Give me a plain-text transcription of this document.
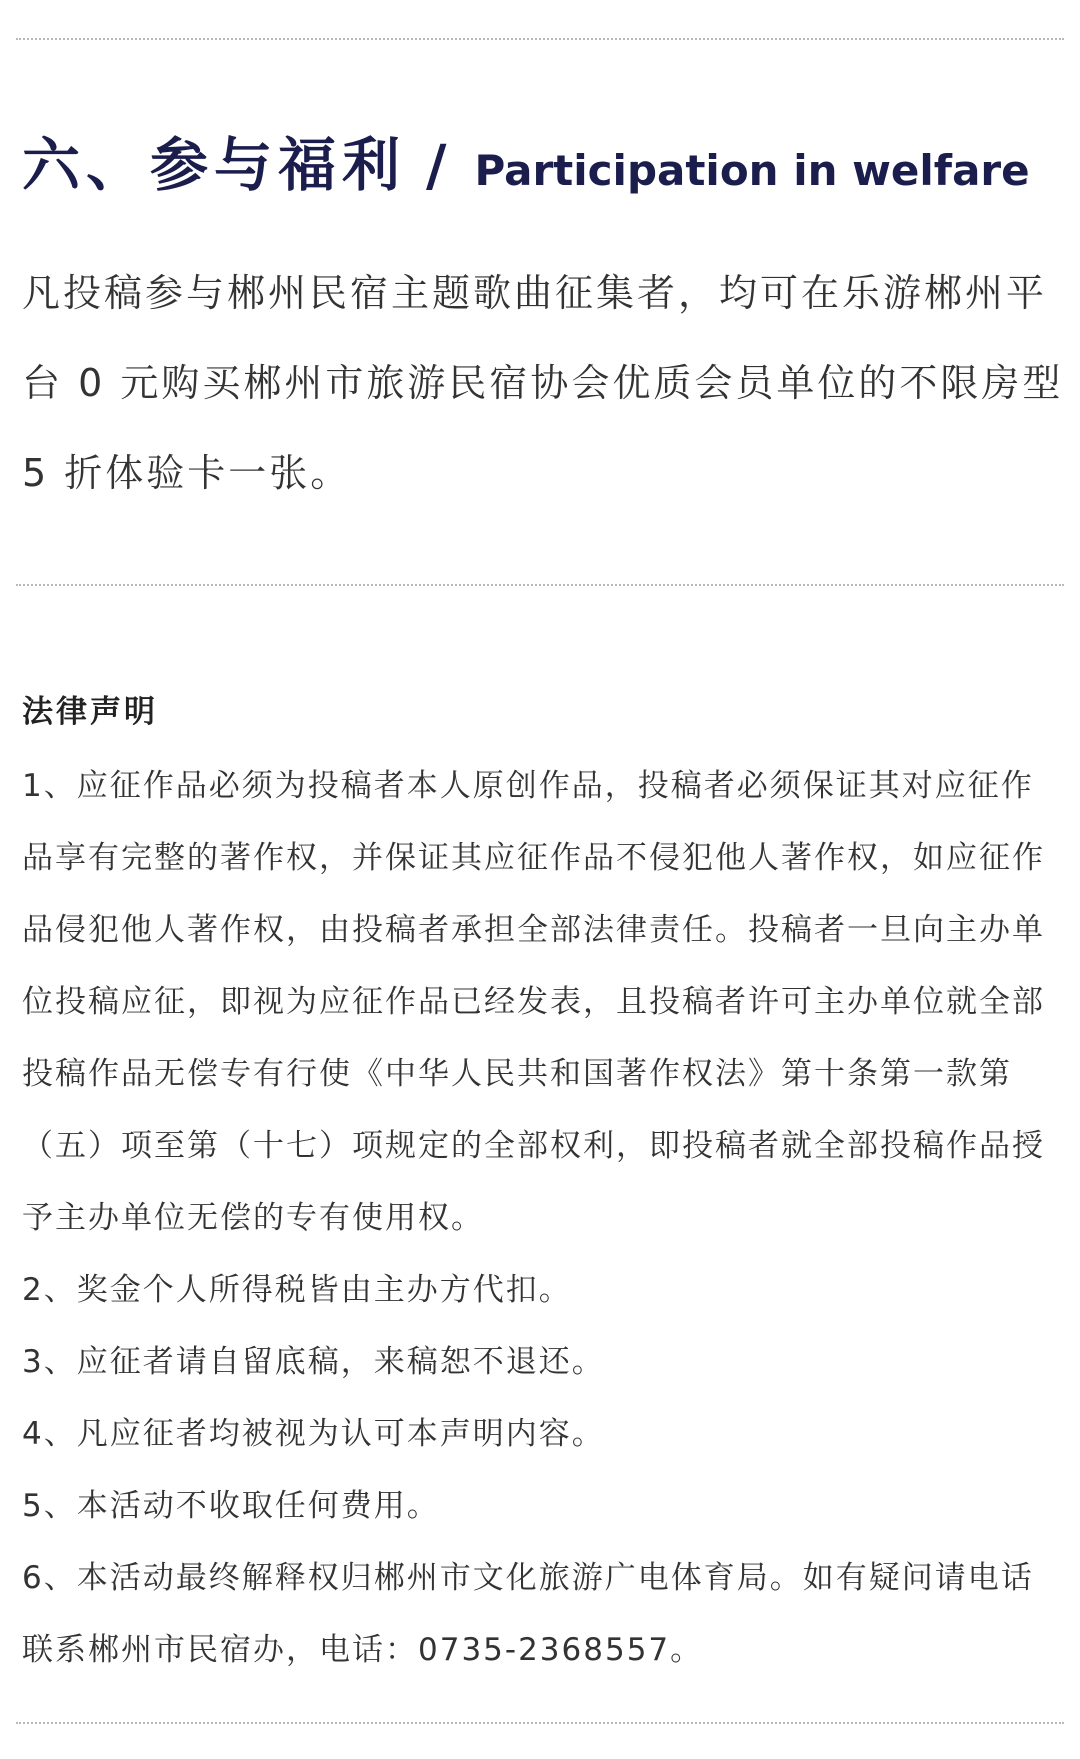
六、参与福利 / Participation in welfare

凡投稿参与郴州民宿主题歌曲征集者，均可在乐游郴州平台 0 元购买郴州市旅游民宿协会优质会员单位的不限房型 5 折体验卡一张。

法律声明

1、应征作品必须为投稿者本人原创作品，投稿者必须保证其对应征作品享有完整的著作权，并保证其应征作品不侵犯他人著作权，如应征作品侵犯他人著作权，由投稿者承担全部法律责任。投稿者一旦向主办单位投稿应征，即视为应征作品已经发表，且投稿者许可主办单位就全部投稿作品无偿专有行使《中华人民共和国著作权法》第十条第一款第（五）项至第（十七）项规定的全部权利，即投稿者就全部投稿作品授予主办单位无偿的专有使用权。

2、奖金个人所得税皆由主办方代扣。

3、应征者请自留底稿，来稿恕不退还。

4、凡应征者均被视为认可本声明内容。

5、本活动不收取任何费用。

6、本活动最终解释权归郴州市文化旅游广电体育局。如有疑问请电话联系郴州市民宿办，电话：0735-2368557。
